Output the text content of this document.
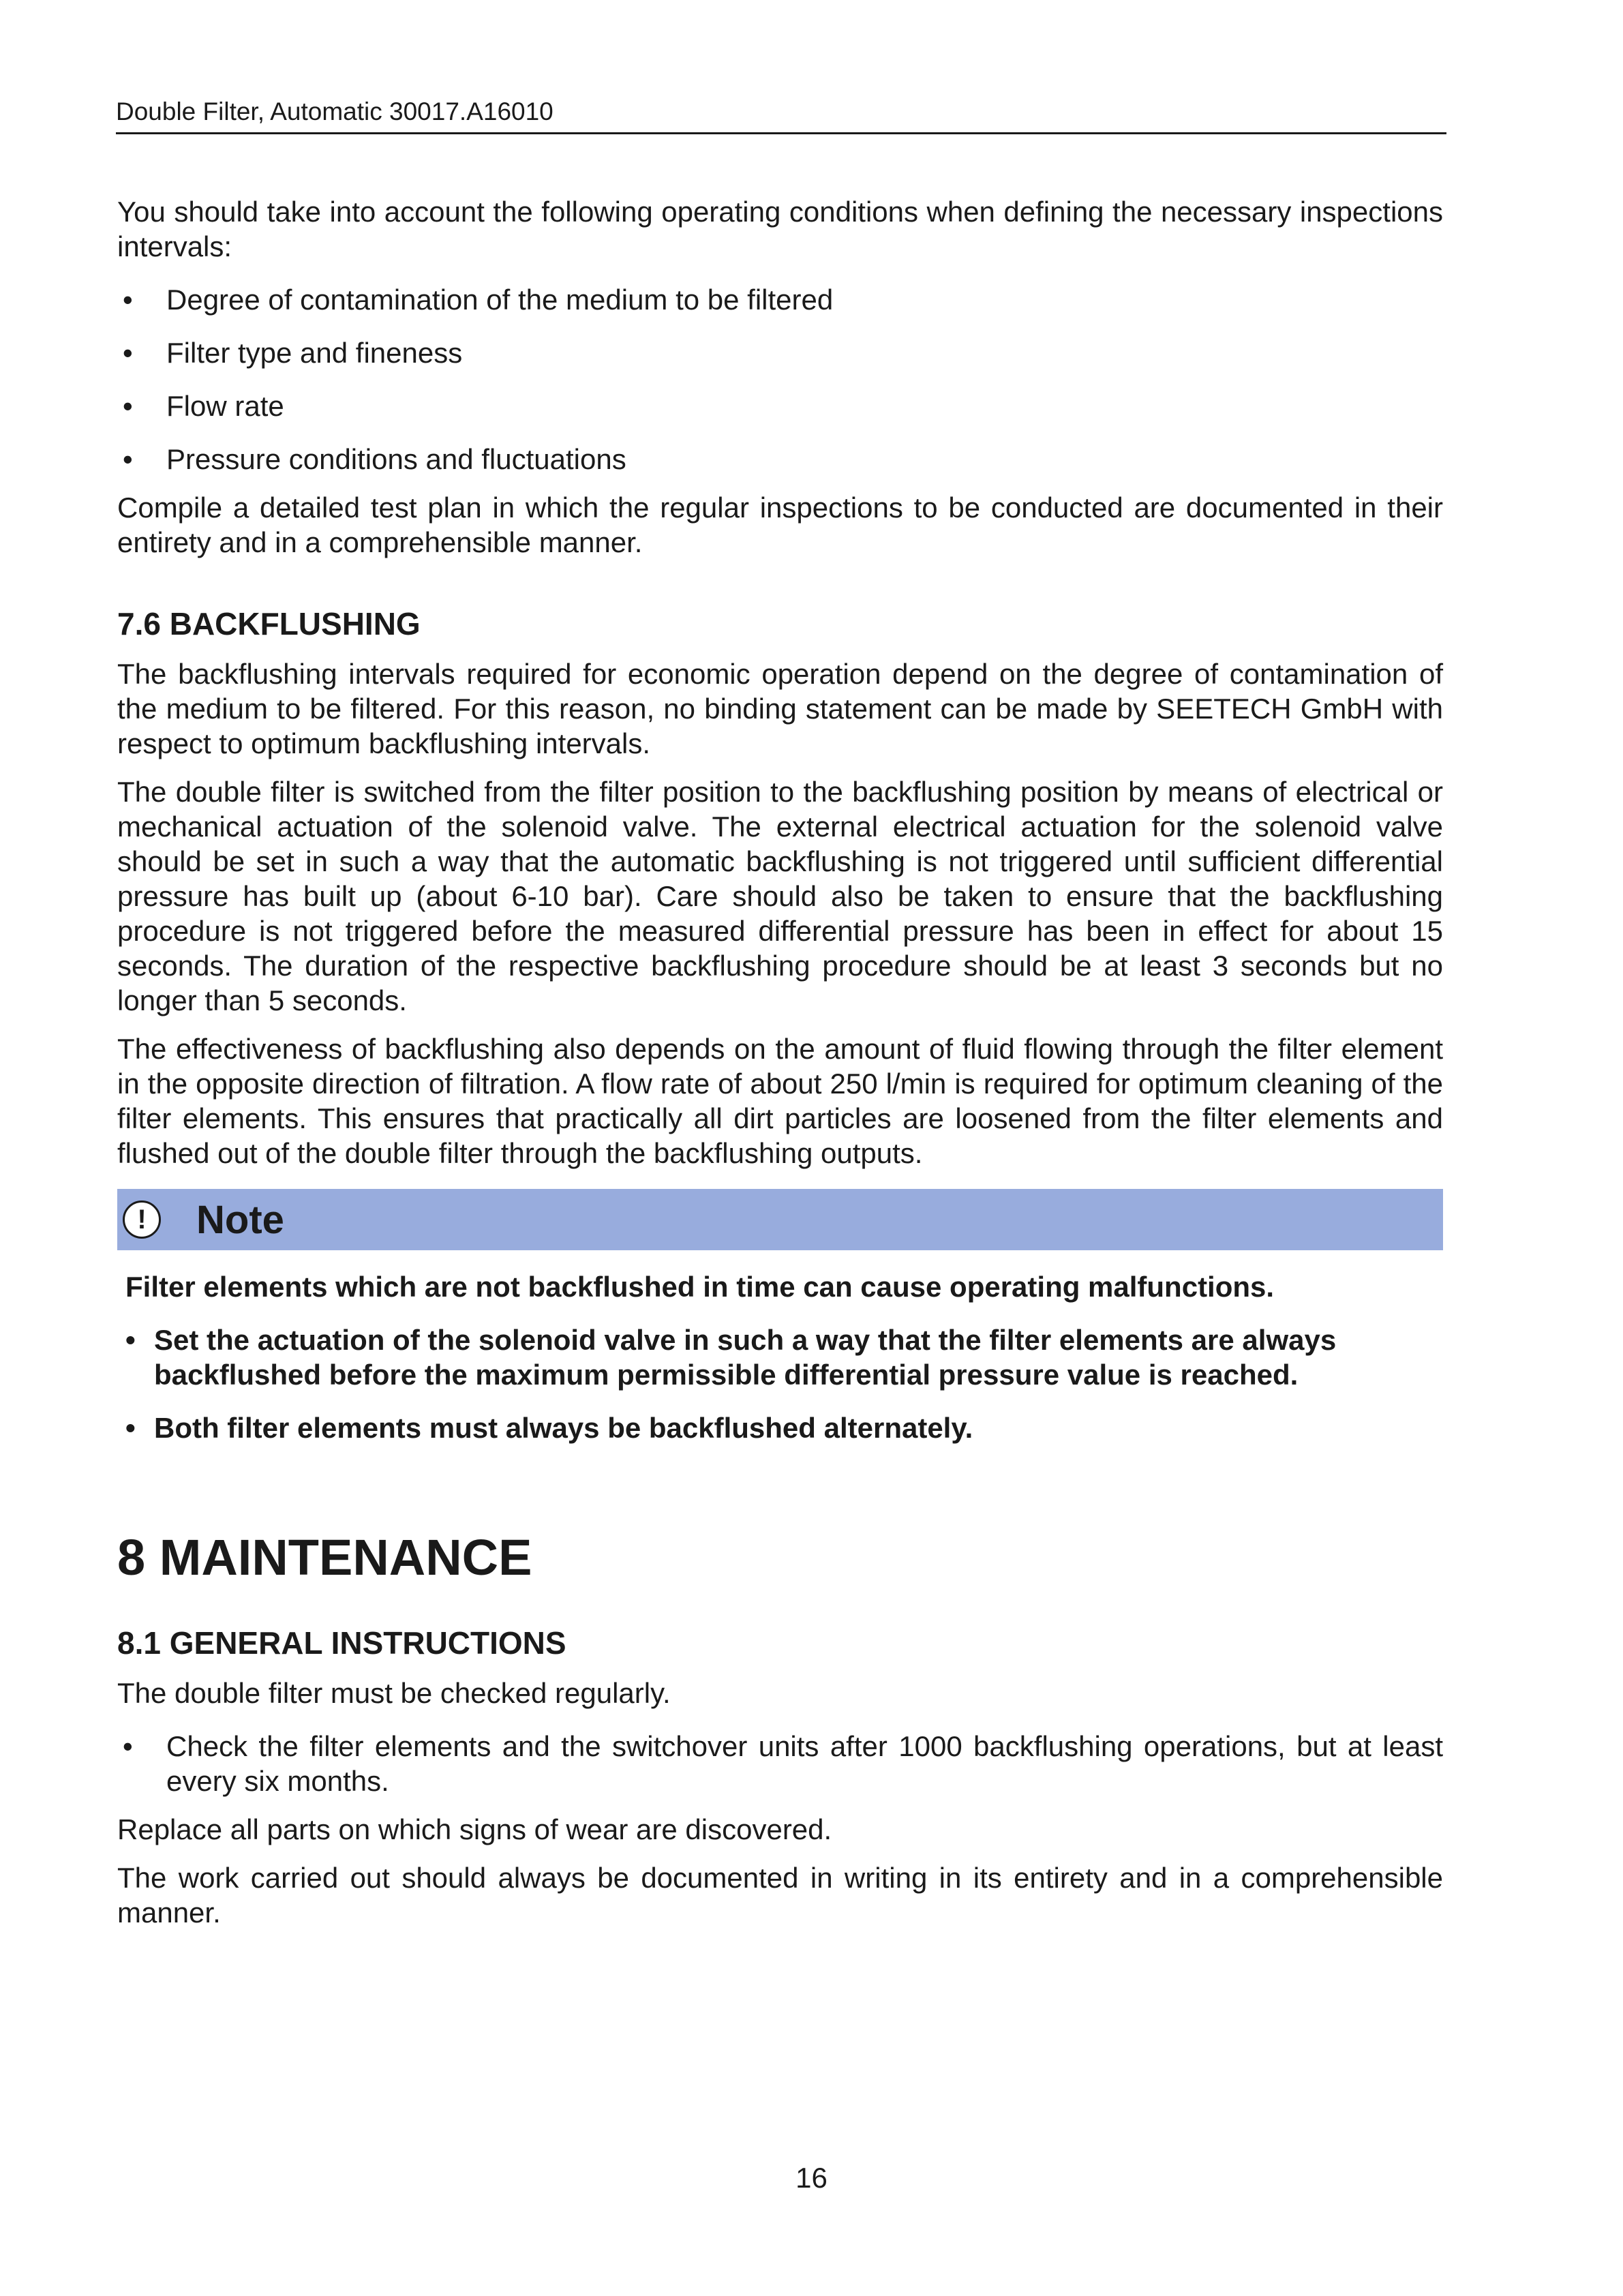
Double Filter, Automatic 30017.A16010

You should take into account the following operating conditions when defining the necessary inspections intervals:

• Degree of contamination of the medium to be filtered
• Filter type and fineness
• Flow rate
• Pressure conditions and fluctuations

Compile a detailed test plan in which the regular inspections to be conducted are documented in their entirety and in a comprehensible manner.

7.6 BACKFLUSHING

The backflushing intervals required for economic operation depend on the degree of contamination of the medium to be filtered. For this reason, no binding statement can be made by SEETECH GmbH with respect to optimum backflushing intervals.

The double filter is switched from the filter position to the backflushing position by means of electrical or mechanical actuation of the solenoid valve. The external electrical actuation for the solenoid valve should be set in such a way that the automatic backflushing is not triggered until sufficient differential pressure has built up (about 6-10 bar). Care should also be taken to ensure that the backflushing procedure is not triggered before the measured differential pressure has been in effect for about 15 seconds. The duration of the respective backflushing procedure should be at least 3 seconds but no longer than 5 seconds.

The effectiveness of backflushing also depends on the amount of fluid flowing through the filter element in the opposite direction of filtration. A flow rate of about 250 l/min is required for optimum cleaning of the filter elements. This ensures that practically all dirt particles are loosened from the filter elements and flushed out of the double filter through the backflushing outputs.

!	Note

Filter elements which are not backflushed in time can cause operating malfunctions.

• Set the actuation of the solenoid valve in such a way that the filter elements are always backflushed before the maximum permissible differential pressure value is reached.
• Both filter elements must always be backflushed alternately.
8 MAINTENANCE
8.1 GENERAL INSTRUCTIONS

The double filter must be checked regularly.

• Check the filter elements and the switchover units after 1000 backflushing operations, but at least every six months.

Replace all parts on which signs of wear are discovered.

The work carried out should always be documented in writing in its entirety and in a comprehensible manner.

16
